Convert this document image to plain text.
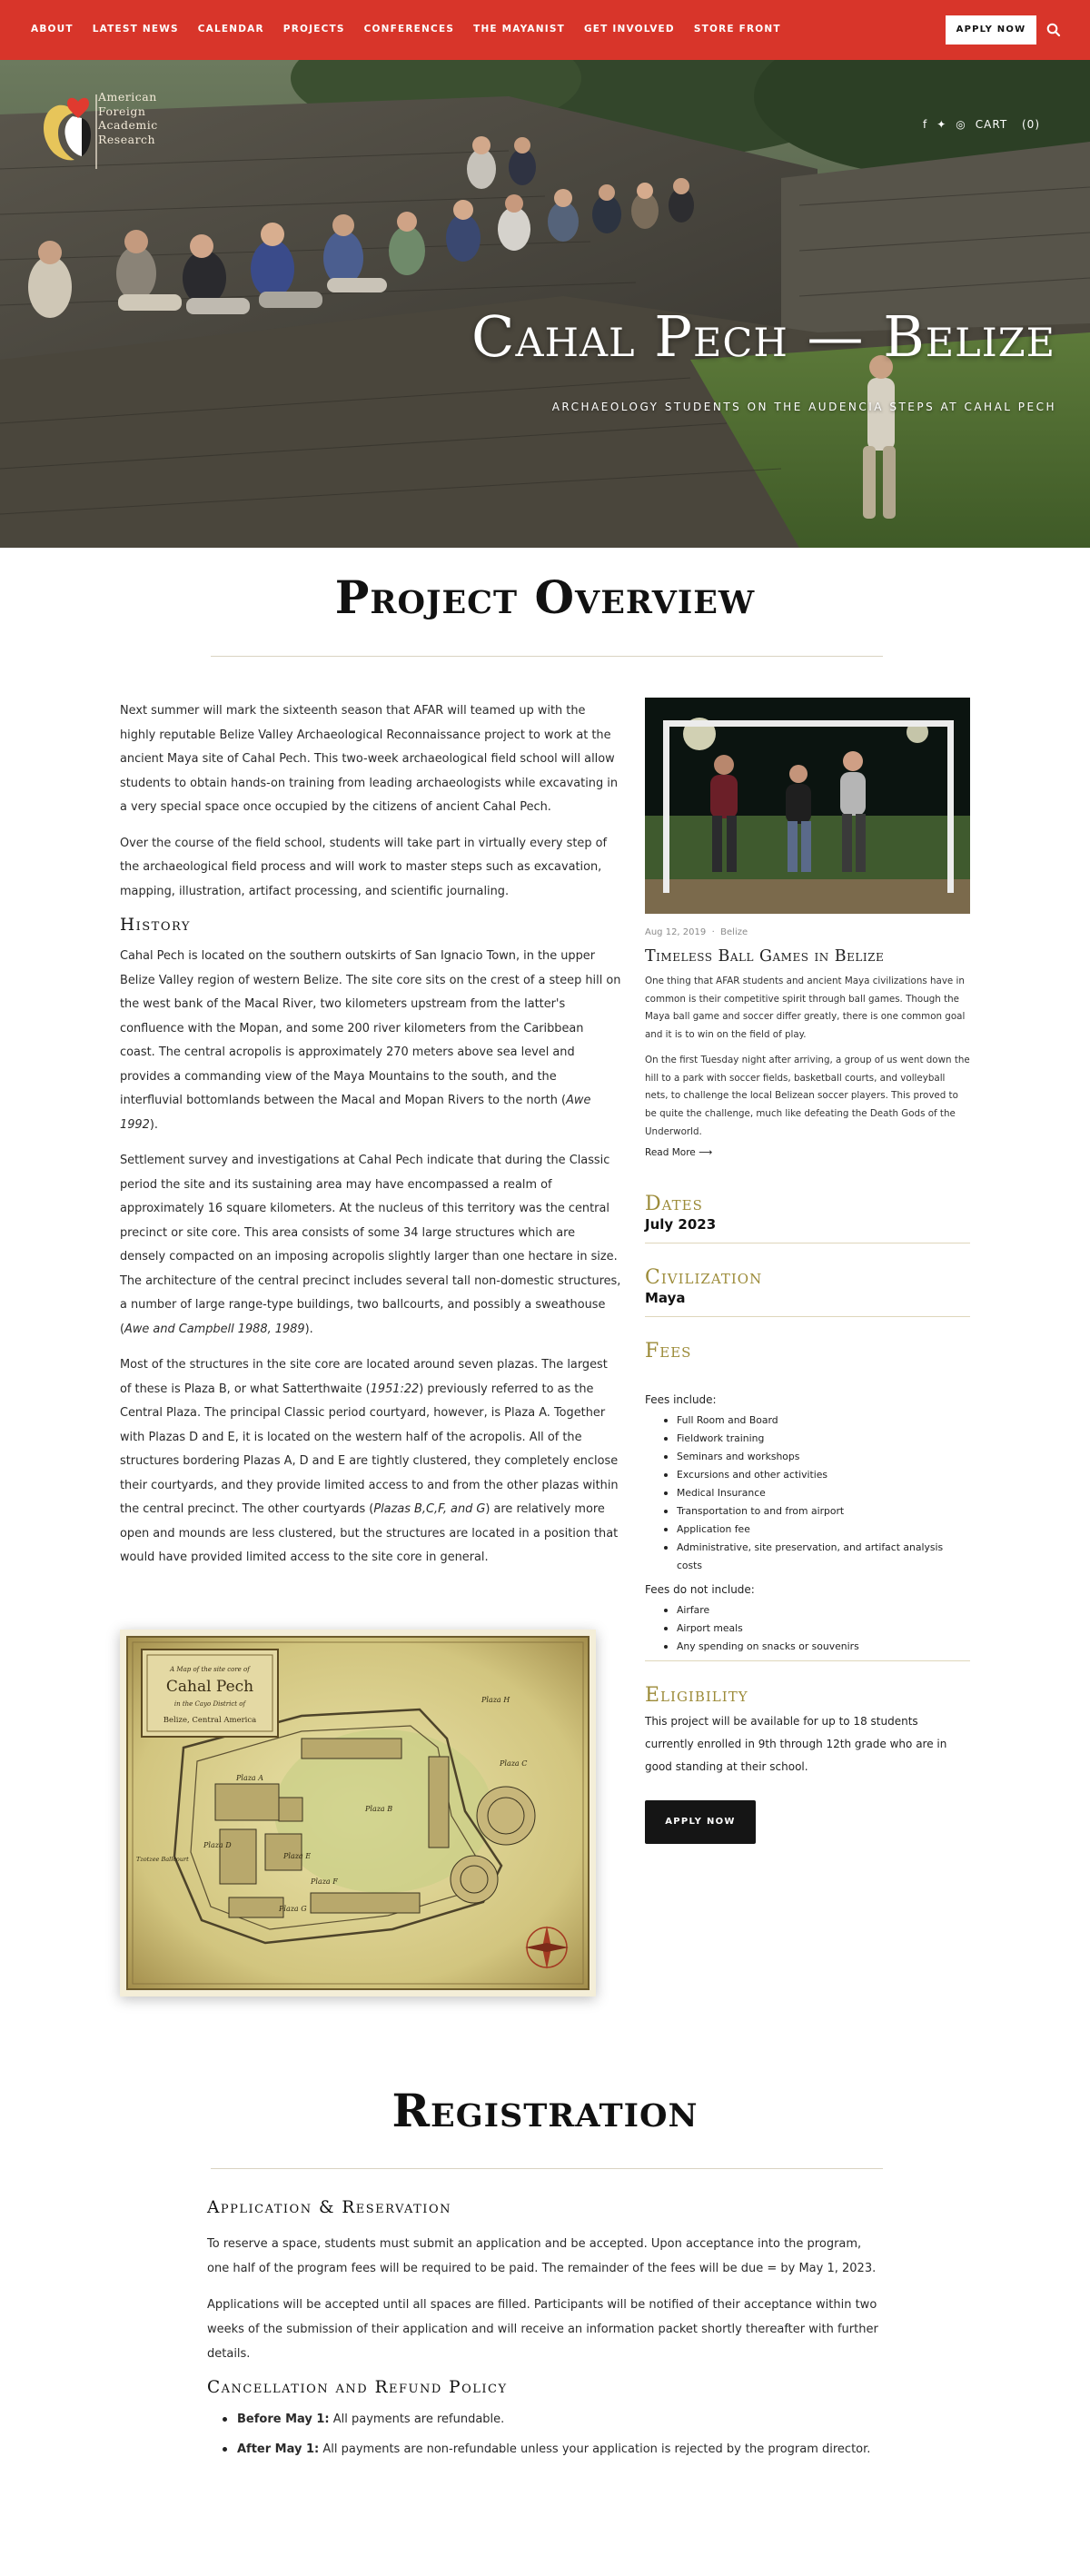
ABOUT LATEST NEWS CALENDAR PROJECTS CONFERENCES THE MAYANIST GET INVOLVED STORE FRONT	APPLY NOW
American
Foreign
Academic
Research
f ✦ ◎ CART (0)
Cahal Pech — Belize
ARCHAEOLOGY STUDENTS ON THE AUDENCIA STEPS AT CAHAL PECH
Project Overview

Next summer will mark the sixteenth season that AFAR will teamed up with the highly reputable Belize Valley Archaeological Reconnaissance project to work at the ancient Maya site of Cahal Pech. This two-week archaeological field school will allow students to obtain hands-on training from leading archaeologists while excavating in a very special space once occupied by the citizens of ancient Cahal Pech.

Over the course of the field school, students will take part in virtually every step of the archaeological field process and will work to master steps such as excavation, mapping, illustration, artifact processing, and scientific journaling.

History

Cahal Pech is located on the southern outskirts of San Ignacio Town, in the upper Belize Valley region of western Belize. The site core sits on the crest of a steep hill on the west bank of the Macal River, two kilometers upstream from the latter's confluence with the Mopan, and some 200 river kilometers from the Caribbean coast. The central acropolis is approximately 270 meters above sea level and provides a commanding view of the Maya Mountains to the south, and the interfluvial bottomlands between the Macal and Mopan Rivers to the north (Awe 1992).

Settlement survey and investigations at Cahal Pech indicate that during the Classic period the site and its sustaining area may have encompassed a realm of approximately 16 square kilometers. At the nucleus of this territory was the central precinct or site core. This area consists of some 34 large structures which are densely compacted on an imposing acropolis slightly larger than one hectare in size. The architecture of the central precinct includes several tall non-domestic structures, a number of large range-type buildings, two ballcourts, and possibly a sweathouse (Awe and Campbell 1988, 1989).

Most of the structures in the site core are located around seven plazas. The largest of these is Plaza B, or what Satterthwaite (1951:22) previously referred to as the Central Plaza. The principal Classic period courtyard, however, is Plaza A. Together with Plazas D and E, it is located on the western half of the acropolis. All of the structures bordering Plazas A, D and E are tightly clustered, they completely enclose their courtyards, and they provide limited access to and from the other plazas within the central precinct. The other courtyards (Plazas B,C,F, and G) are relatively more open and mounds are less clustered, but the structures are located in a position that would have provided limited access to the site core in general.

A Map of the site core of
Cahal Pech
in the Cayo District of
Belize, Central America
Plaza H
Plaza C
Plaza A
Plaza B
Plaza D
Plaza E
Plaza F
Plaza G
Tzotzee Ballcourt
Aug 12, 2019  ·  Belize
Timeless Ball Games in Belize

One thing that AFAR students and ancient Maya civilizations have in common is their competitive spirit through ball games. Though the Maya ball game and soccer differ greatly, there is one common goal and it is to win on the field of play.

On the first Tuesday night after arriving, a group of us went down the hill to a park with soccer fields, basketball courts, and volleyball nets, to challenge the local Belizean soccer players. This proved to be quite the challenge, much like defeating the Death Gods of the Underworld.

Read More ⟶
Dates
July 2023
Civilization
Maya
Fees
Fees include:
Full Room and Board
Fieldwork training
Seminars and workshops
Excursions and other activities
Medical Insurance
Transportation to and from airport
Application fee
Administrative, site preservation, and artifact analysis costs
Fees do not include:
Airfare
Airport meals
Any spending on snacks or souvenirs
Eligibility
This project will be available for up to 18 students currently enrolled in 9th through 12th grade who are in good standing at their school.
APPLY NOW
Registration
Application & Reservation

To reserve a space, students must submit an application and be accepted. Upon acceptance into the program, one half of the program fees will be required to be paid. The remainder of the fees will be due = by May 1, 2023.

Applications will be accepted until all spaces are filled. Participants will be notified of their acceptance within two weeks of the submission of their application and will receive an information packet shortly thereafter with further details.

Cancellation and Refund Policy
Before May 1: All payments are refundable.
After May 1: All payments are non-refundable unless your application is rejected by the program director.
